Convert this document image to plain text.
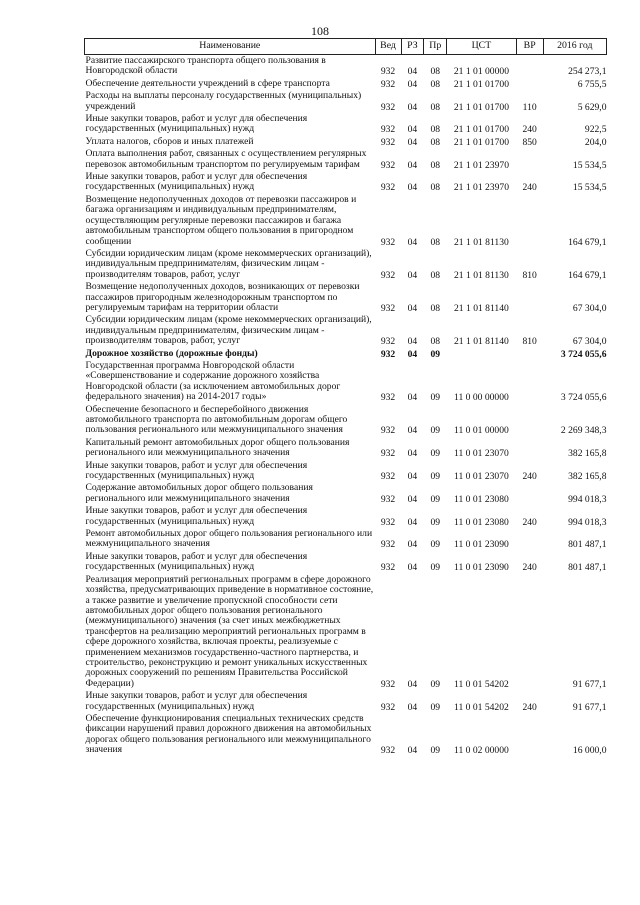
108
Наименование	Вед	РЗ	Пр	ЦСТ	ВР	2016 год
Развитие пассажирского транспорта общего пользования в Новгородской области	932	04	08	21 1 01 00000		254 273,1
Обеспечение деятельности учреждений в сфере транспорта	932	04	08	21 1 01 01700		6 755,5
Расходы на выплаты персоналу государственных (муниципальных) учреждений	932	04	08	21 1 01 01700	110	5 629,0
Иные закупки товаров, работ и услуг для обеспечения государственных (муниципальных) нужд	932	04	08	21 1 01 01700	240	922,5
Уплата налогов, сборов и иных платежей	932	04	08	21 1 01 01700	850	204,0
Оплата выполнения работ, связанных с осуществлением регулярных перевозок автомобильным транспортом по регулируемым тарифам	932	04	08	21 1 01 23970		15 534,5
Иные закупки товаров, работ и услуг для обеспечения государственных (муниципальных) нужд	932	04	08	21 1 01 23970	240	15 534,5
Возмещение недополученных доходов от перевозки пассажиров и багажа организациям и индивидуальным предпринимателям, осуществляющим регулярные перевозки пассажиров и багажа автомобильным транспортом общего пользования в пригородном сообщении	932	04	08	21 1 01 81130		164 679,1
Субсидии юридическим лицам (кроме некоммерческих организаций), индивидуальным предпринимателям, физическим лицам - производителям товаров, работ, услуг	932	04	08	21 1 01 81130	810	164 679,1
Возмещение недополученных доходов, возникающих от перевозки пассажиров пригородным железнодорожным транспортом по регулируемым тарифам на территории области	932	04	08	21 1 01 81140		67 304,0
Субсидии юридическим лицам (кроме некоммерческих организаций), индивидуальным предпринимателям, физическим лицам - производителям товаров, работ, услуг	932	04	08	21 1 01 81140	810	67 304,0
Дорожное хозяйство (дорожные фонды)	932	04	09			3 724 055,6
Государственная программа Новгородской области «Совершенствование и содержание дорожного хозяйства Новгородской области (за исключением автомобильных дорог федерального значения) на 2014-2017 годы»	932	04	09	11 0 00 00000		3 724 055,6
Обеспечение безопасного и бесперебойного движения автомобильного транспорта по автомобильным дорогам общего пользования регионального или межмуниципального значения	932	04	09	11 0 01 00000		2 269 348,3
Капитальный ремонт автомобильных дорог общего пользования регионального или межмуниципального значения	932	04	09	11 0 01 23070		382 165,8
Иные закупки товаров, работ и услуг для обеспечения государственных (муниципальных) нужд	932	04	09	11 0 01 23070	240	382 165,8
Содержание автомобильных дорог общего пользования регионального или межмуниципального значения	932	04	09	11 0 01 23080		994 018,3
Иные закупки товаров, работ и услуг для обеспечения государственных (муниципальных) нужд	932	04	09	11 0 01 23080	240	994 018,3
Ремонт автомобильных дорог общего пользования регионального или межмуниципального значения	932	04	09	11 0 01 23090		801 487,1
Иные закупки товаров, работ и услуг для обеспечения государственных (муниципальных) нужд	932	04	09	11 0 01 23090	240	801 487,1
Реализация мероприятий региональных программ в сфере дорожного хозяйства, предусматривающих приведение в нормативное состояние, а также развитие и увеличение пропускной способности сети автомобильных дорог общего пользования регионального (межмуниципального) значения (за счет иных межбюджетных трансфертов на реализацию мероприятий региональных программ в сфере дорожного хозяйства, включая проекты, реализуемые с применением механизмов государственно-частного партнерства, и строительство, реконструкцию и ремонт уникальных искусственных дорожных сооружений по решениям Правительства Российской Федерации)	932	04	09	11 0 01 54202		91 677,1
Иные закупки товаров, работ и услуг для обеспечения государственных (муниципальных) нужд	932	04	09	11 0 01 54202	240	91 677,1
Обеспечение функционирования специальных технических средств фиксации нарушений правил дорожного движения на автомобильных дорогах общего пользования регионального или межмуниципального значения	932	04	09	11 0 02 00000		16 000,0
